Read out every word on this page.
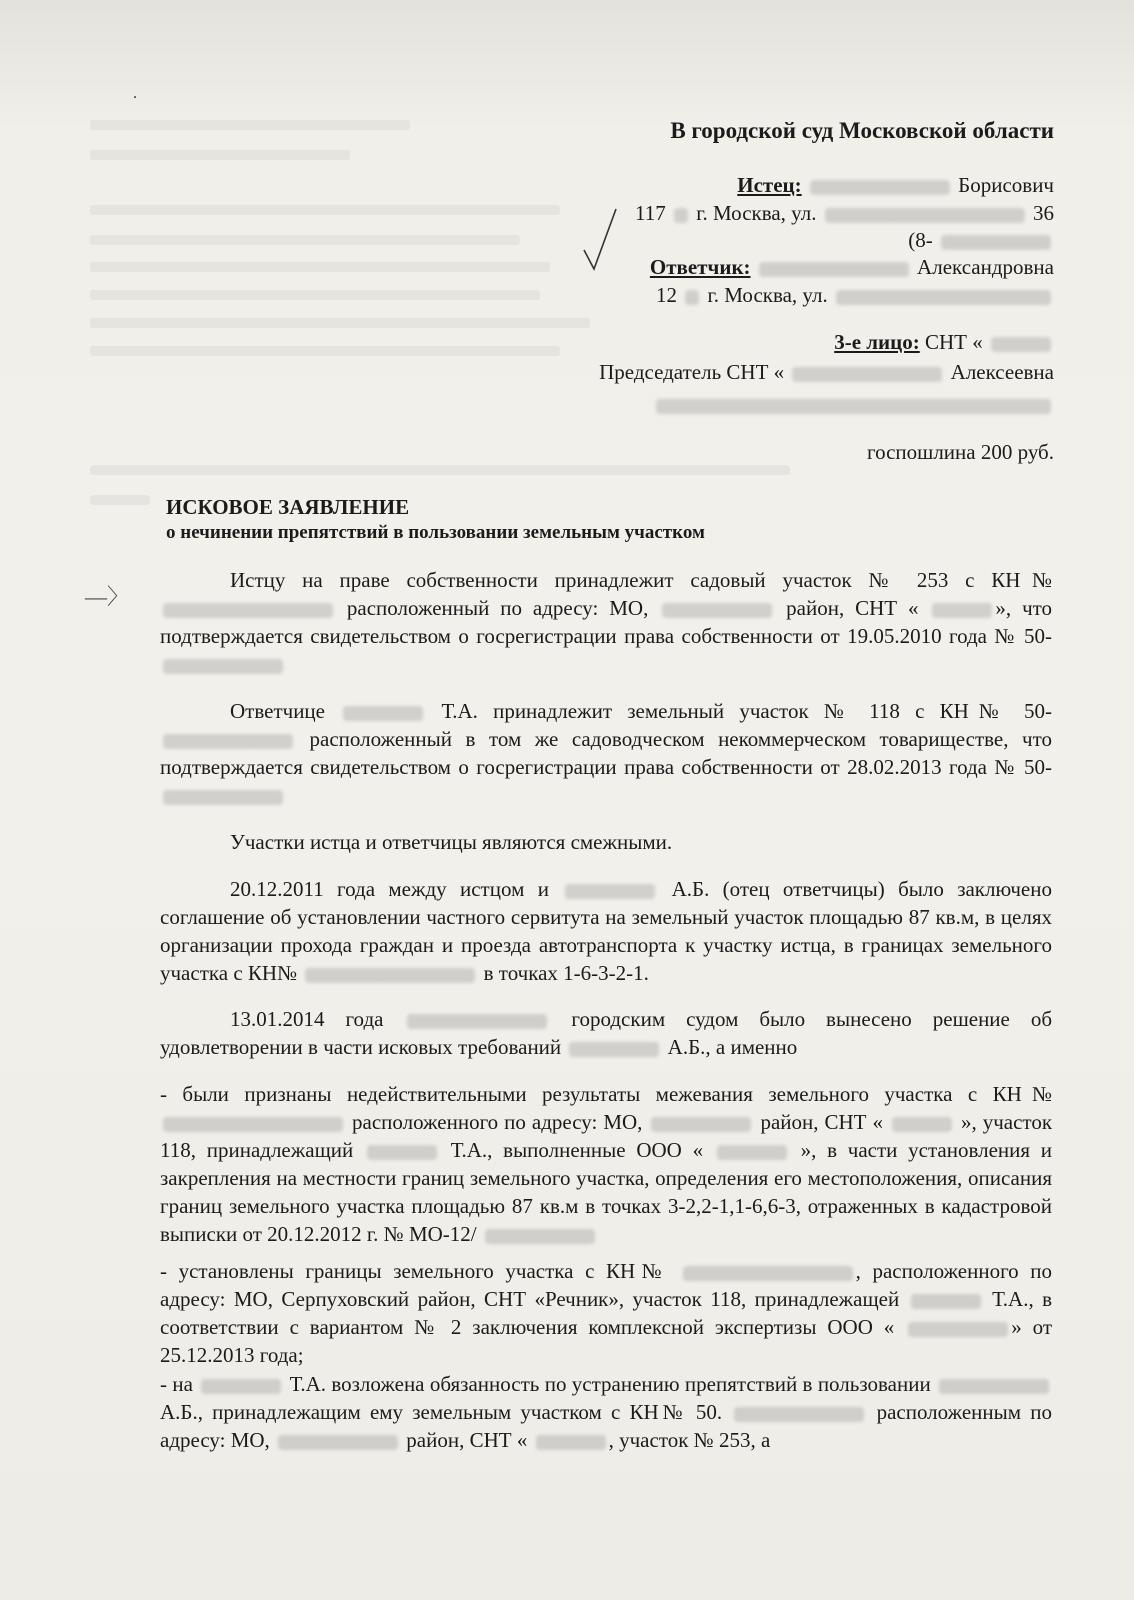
˙
В городской суд Московской области
Истец:	Борисович
117 г. Москва, ул.	36
(8-
Ответчик:	Александровна
12 г. Москва, ул.
3-е лицо: СНТ «
Председатель СНТ «	Алексеевна
госпошлина 200 руб.
ИСКОВОЕ ЗАЯВЛЕНИЕ
о нечинении препятствий в пользовании земельным участком
—〉

Истцу на праве собственности принадлежит садовый участок № 253 с КН№  расположенный по адресу: МО,	район, СНТ «	», что подтверждается свидетельством о госрегистрации права собственности от 19.05.2010 года № 50-

Ответчице	Т.А. принадлежит земельный участок № 118 с КН№ 50-  расположенный в том же садоводческом некоммерческом товариществе, что подтверждается свидетельством о госрегистрации права собственности от 28.02.2013 года № 50-

Участки истца и ответчицы являются смежными.

20.12.2011 года между истцом и	А.Б. (отец ответчицы) было заключено соглашение об установлении частного сервитута на земельный участок площадью 87 кв.м, в целях организации прохода граждан и проезда автотранспорта к участку истца, в границах земельного участка с КН№	в точках 1-6-3-2-1.

13.01.2014 года	городским судом было вынесено решение об удовлетворении в части исковых требований	А.Б., а именно

- были признаны недействительными результаты межевания земельного участка с КН№  расположенного по адресу: МО,	район, СНТ «	», участок 118, принадлежащий	Т.А., выполненные ООО «	», в части установления и закрепления на местности границ земельного участка, определения его местоположения, описания границ земельного участка площадью 87 кв.м в точках 3-2,2-1,1-6,6-3, отраженных в кадастровой выписки от 20.12.2012 г. № МО-12/

- установлены границы земельного участка с КН№	, расположенного по адресу: МО, Серпуховский район, СНТ «Речник», участок 118, принадлежащей	Т.А., в соответствии с вариантом № 2 заключения комплексной экспертизы ООО «	» от 25.12.2013 года;

- на	Т.А. возложена обязанность по устранению препятствий в пользовании  А.Б., принадлежащим ему земельным участком с КН№ 50.	расположенным по адресу: МО,	район, СНТ «	, участок № 253, а
